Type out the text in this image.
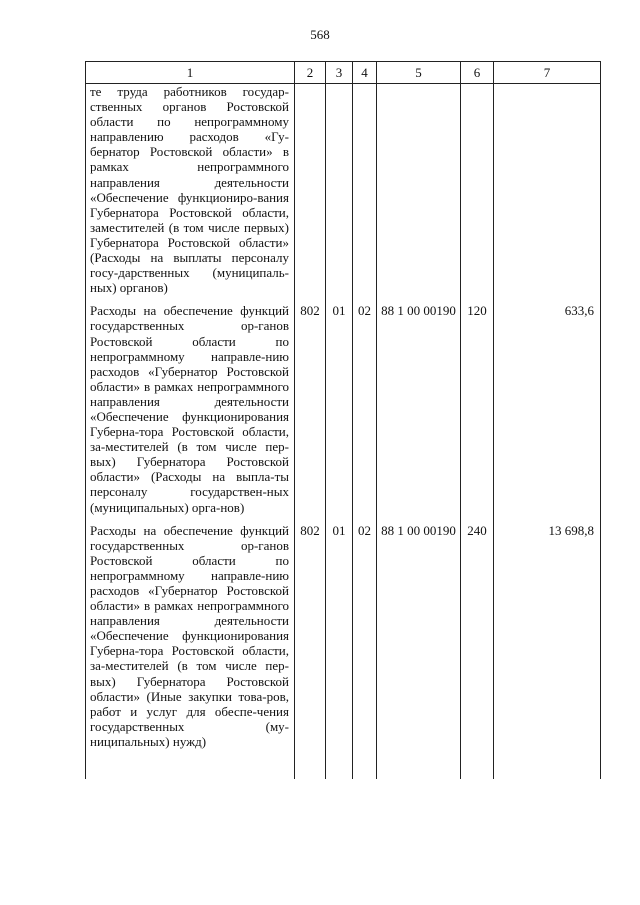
568
1	2	3	4	5	6	7
те труда работников государ-ственных органов Ростовской области по непрограммному направлению расходов «Гу-бернатор Ростовской области» в рамках непрограммного направления деятельности «Обеспечение функциониро-вания Губернатора Ростовской области, заместителей (в том числе первых) Губернатора Ростовской области» (Расходы на выплаты персоналу госу-дарственных (муниципаль-ных) органов)						
Расходы на обеспечение функций государственных ор-ганов Ростовской области по непрограммному направле-нию расходов «Губернатор Ростовской области» в рамках непрограммного направления деятельности «Обеспечение функционирования Губерна-тора Ростовской области, за-местителей (в том числе пер-вых) Губернатора Ростовской области» (Расходы на выпла-ты персоналу государствен-ных (муниципальных) орга-нов)	802	01	02	88 1 00 00190	120	633,6
Расходы на обеспечение функций государственных ор-ганов Ростовской области по непрограммному направле-нию расходов «Губернатор Ростовской области» в рамках непрограммного направления деятельности «Обеспечение функционирования Губерна-тора Ростовской области, за-местителей (в том числе пер-вых) Губернатора Ростовской области» (Иные закупки това-ров, работ и услуг для обеспе-чения государственных (му-ниципальных) нужд)	802	01	02	88 1 00 00190	240	13 698,8
